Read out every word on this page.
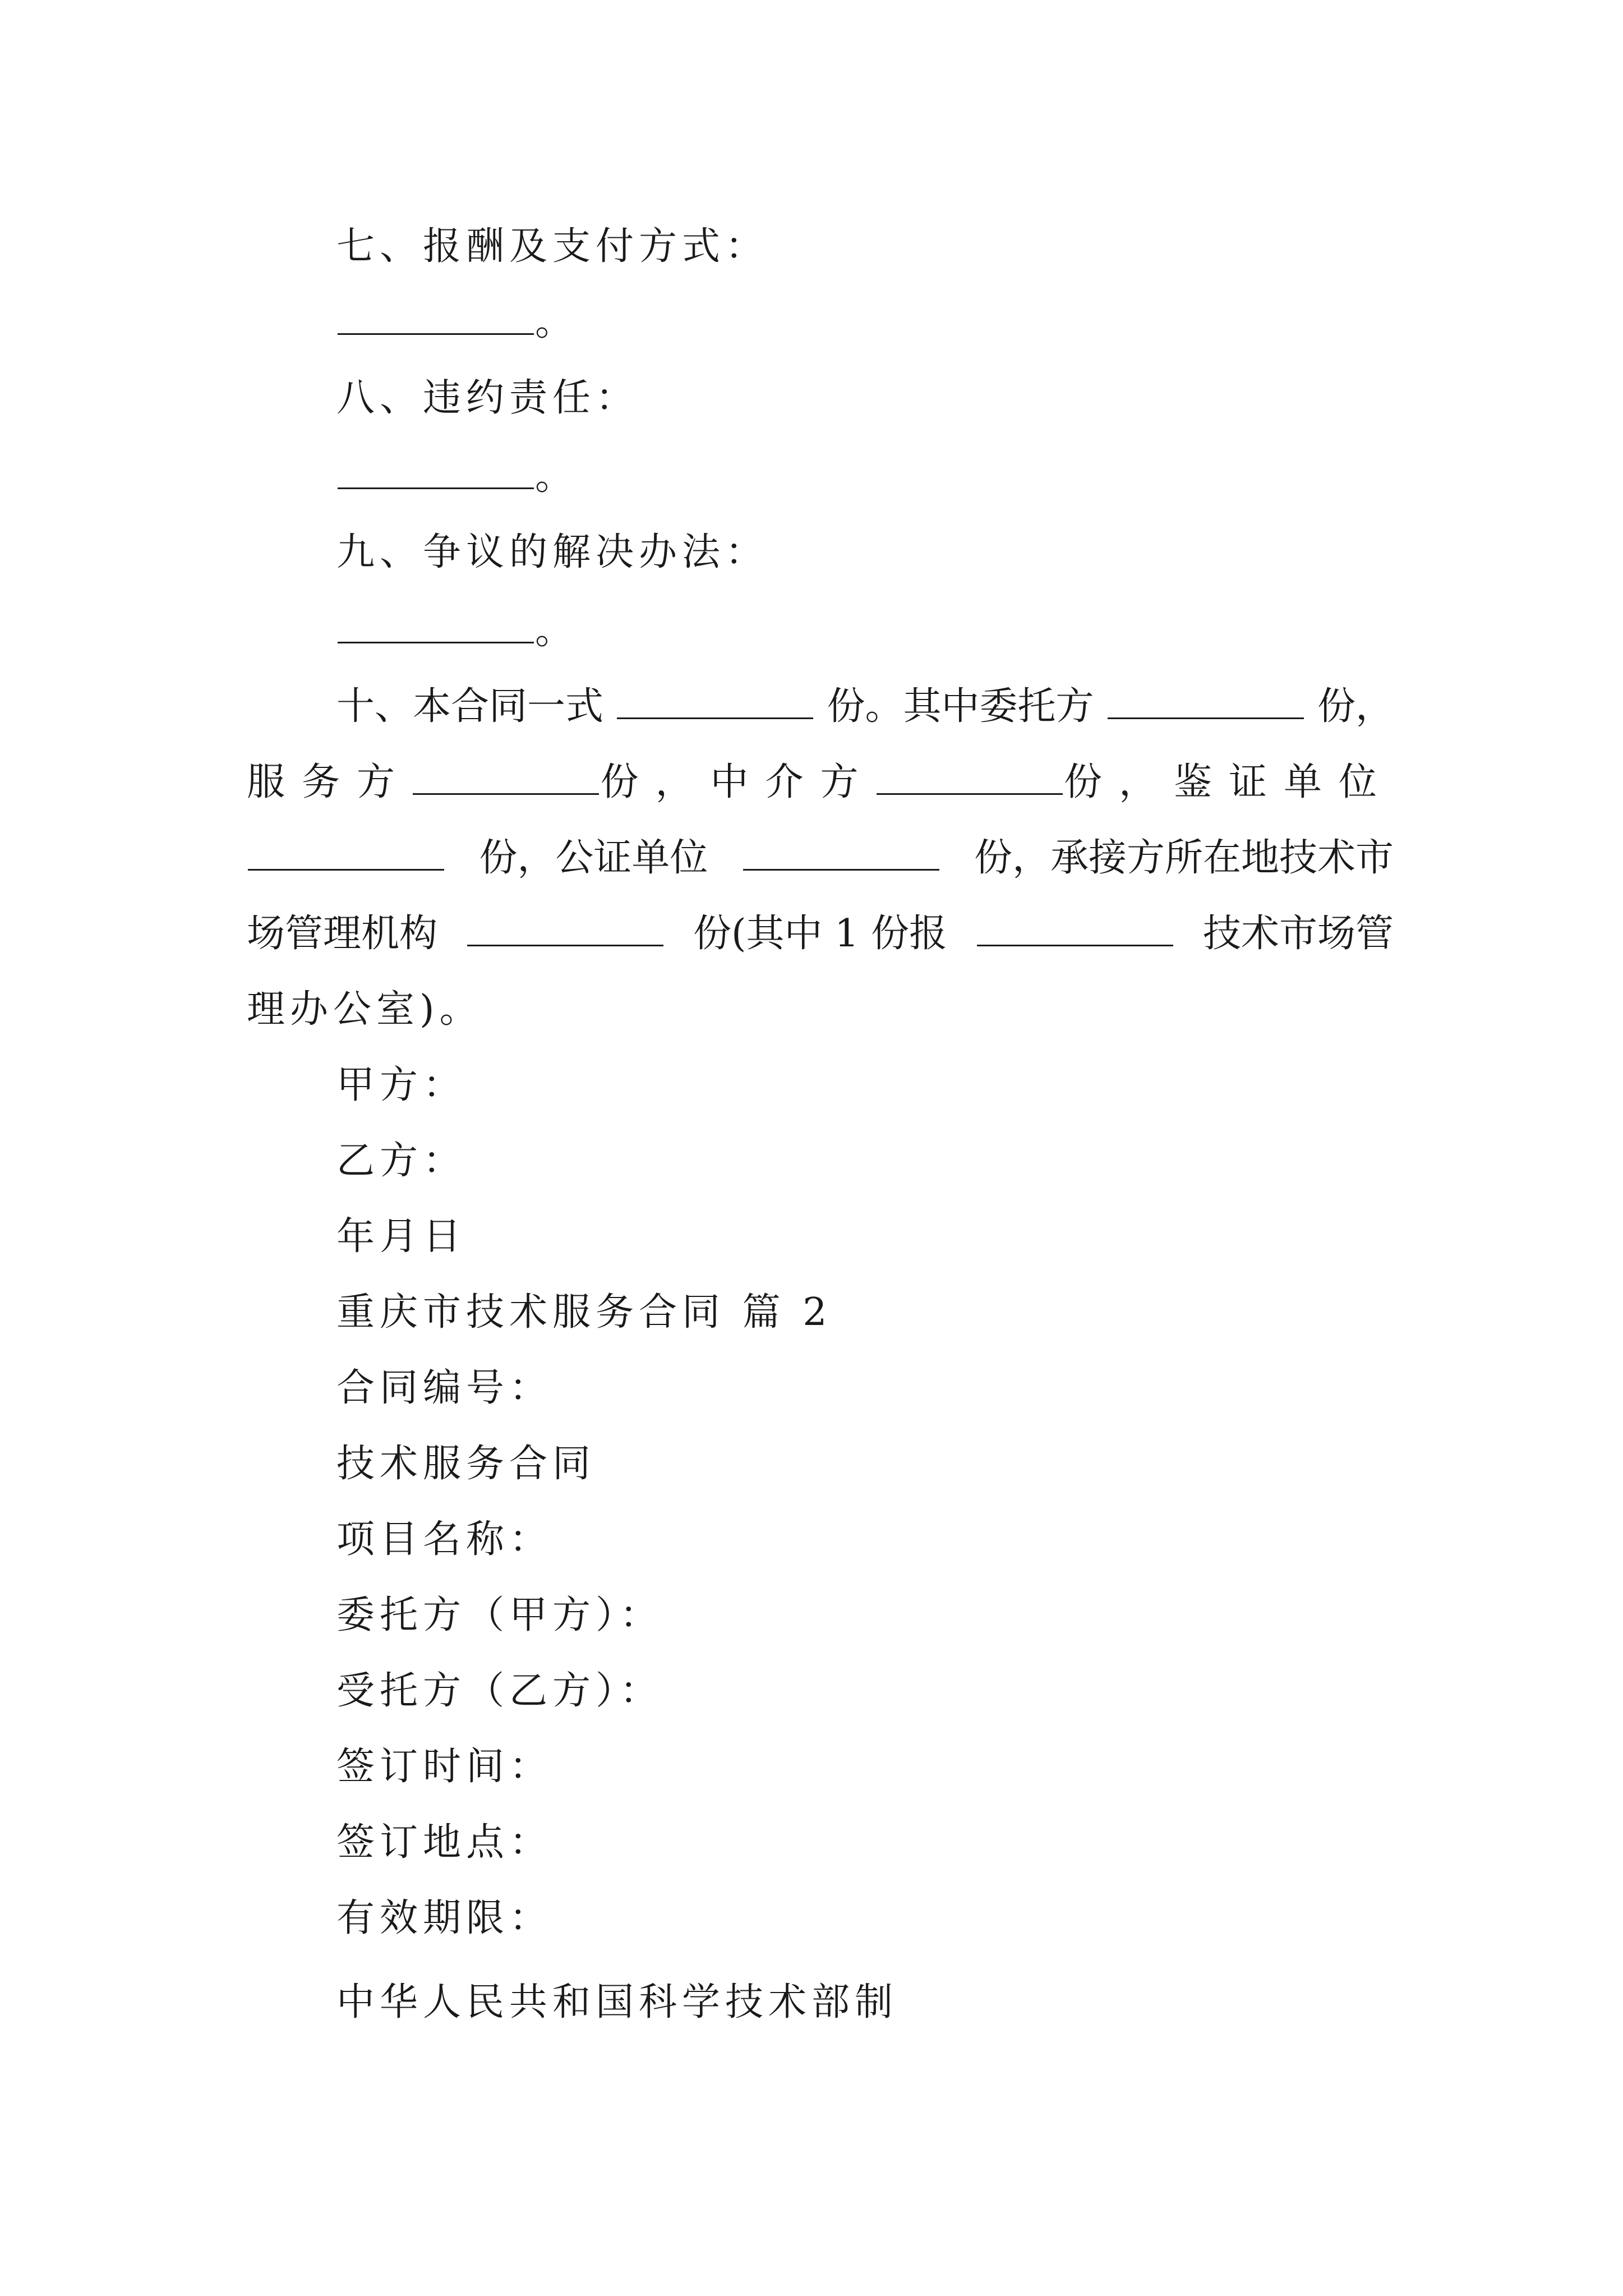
七、报酬及支付方式：
。
八、违约责任：
。
九、争议的解决办法：
。
十、本合同一式	份。其中委托方	份，
服务方	份，中介方	份，鉴证单位
份，公证单位	份，承接方所在地技术市
场管理机构	份(其中 1 份报	技术市场管
理办公室)。
甲方：
乙方：
年月日
重庆市技术服务合同 篇 2
合同编号：
技术服务合同
项目名称：
委托方（甲方）：
受托方（乙方）：
签订时间：
签订地点：
有效期限：
中华人民共和国科学技术部制
